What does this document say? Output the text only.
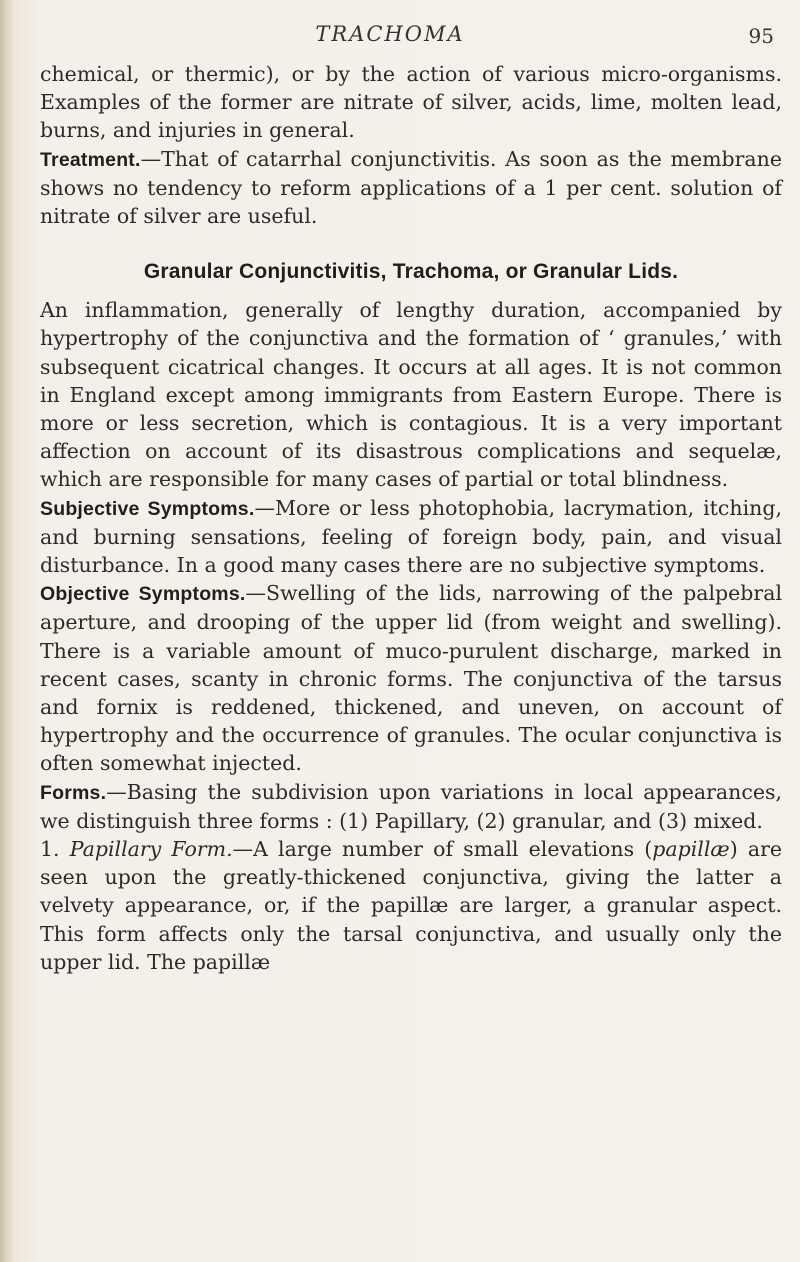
TRACHOMA	95

chemical, or thermic), or by the action of various micro-organisms. Examples of the former are nitrate of silver, acids, lime, molten lead, burns, and injuries in general.

Treatment.—That of catarrhal conjunctivitis. As soon as the membrane shows no tendency to reform applications of a 1 per cent. solution of nitrate of silver are useful.

Granular Conjunctivitis, Trachoma, or Granular Lids.

An inflammation, generally of lengthy duration, accompanied by hypertrophy of the conjunctiva and the formation of ‘ granules,’ with subsequent cicatrical changes. It occurs at all ages. It is not common in England except among immigrants from Eastern Europe. There is more or less secretion, which is contagious. It is a very important affection on account of its disastrous complications and sequelæ, which are responsible for many cases of partial or total blindness.

Subjective Symptoms.—More or less photophobia, lacrymation, itching, and burning sensations, feeling of foreign body, pain, and visual disturbance. In a good many cases there are no subjective symptoms.

Objective Symptoms.—Swelling of the lids, narrowing of the palpebral aperture, and drooping of the upper lid (from weight and swelling). There is a variable amount of muco-purulent discharge, marked in recent cases, scanty in chronic forms. The conjunctiva of the tarsus and fornix is reddened, thickened, and uneven, on account of hypertrophy and the occurrence of granules. The ocular conjunctiva is often somewhat injected.

Forms.—Basing the subdivision upon variations in local appearances, we distinguish three forms : (1) Papillary, (2) granular, and (3) mixed.

1. Papillary Form.—A large number of small elevations (papillæ) are seen upon the greatly-thickened conjunctiva, giving the latter a velvety appearance, or, if the papillæ are larger, a granular aspect. This form affects only the tarsal conjunctiva, and usually only the upper lid. The papillæ
